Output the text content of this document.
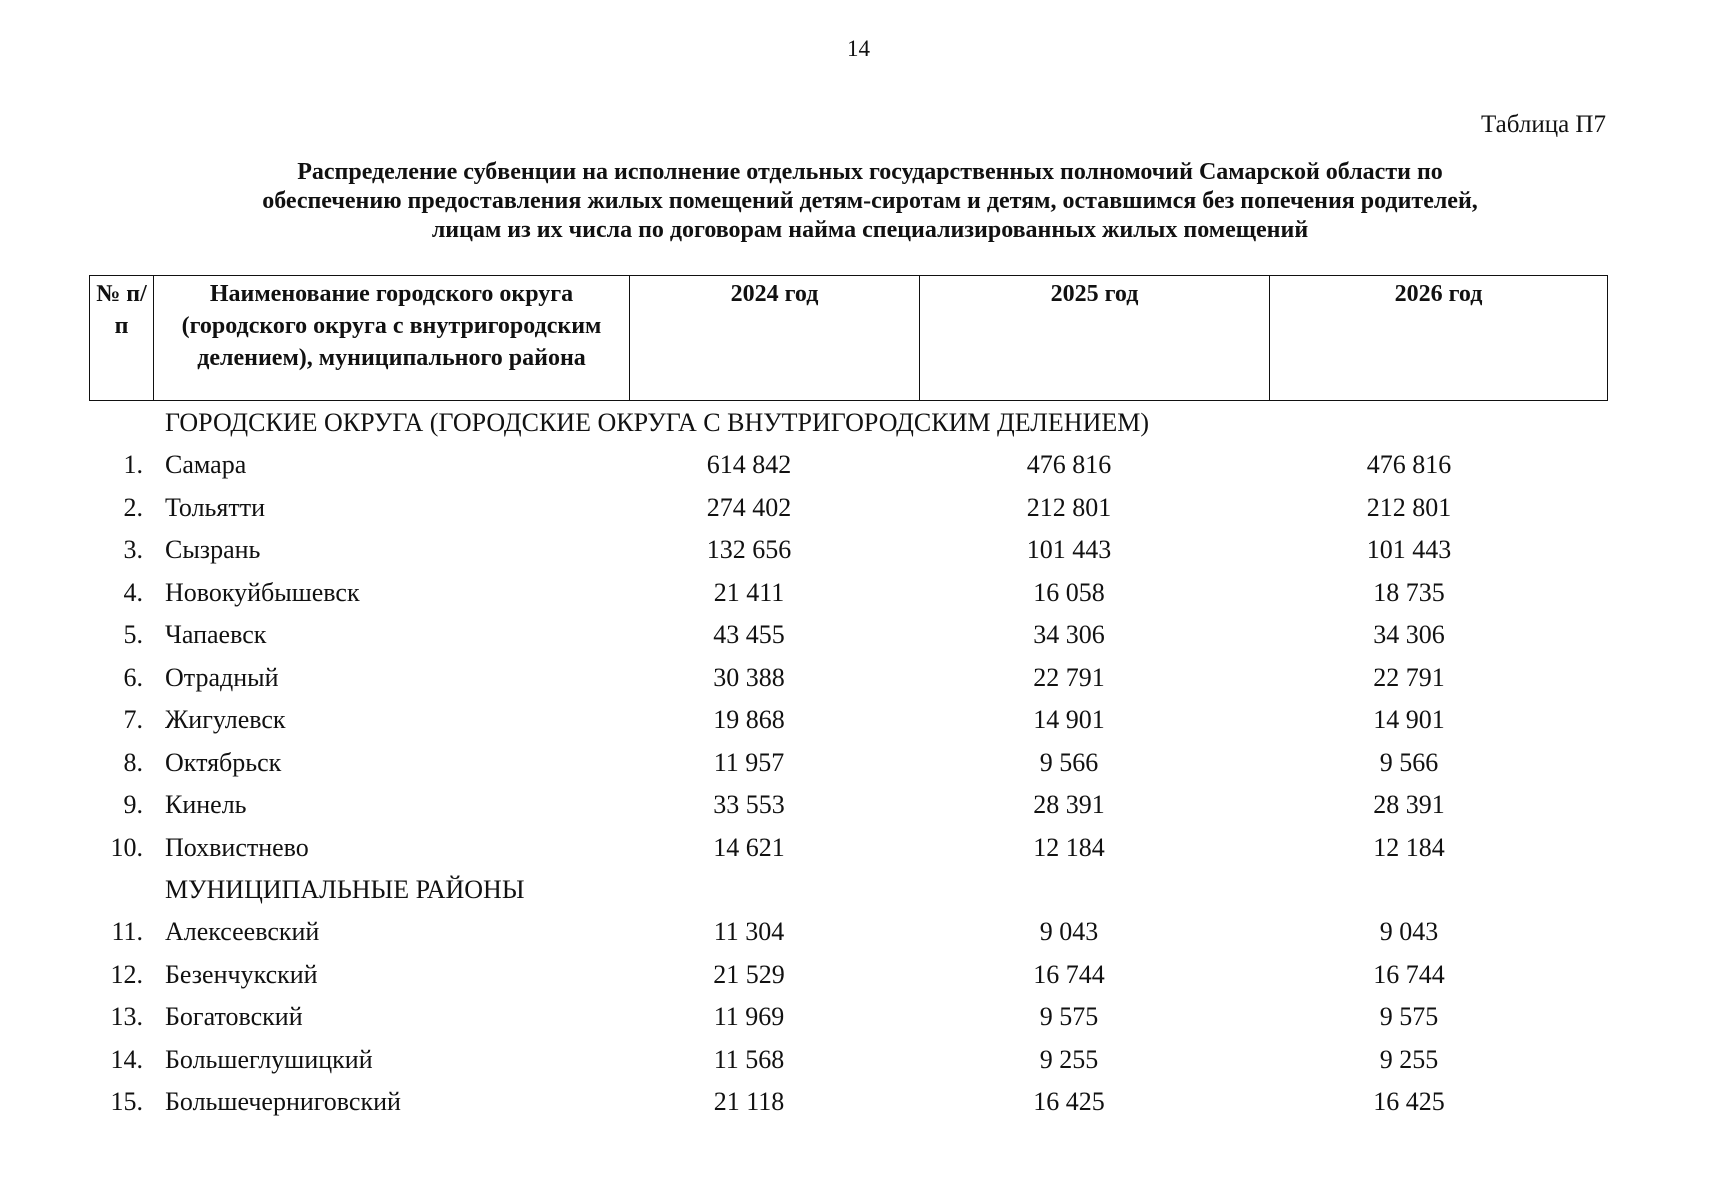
14
Таблица П7
Распределение субвенции на исполнение отдельных государственных полномочий Самарской области по
обеспечению предоставления жилых помещений детям-сиротам и детям, оставшимся без попечения родителей,
лицам из их числа по договорам найма специализированных жилых помещений
№ п/п	Наименование городского округа (городского округа с внутригородским делением), муниципального района	2024 год	2025 год	2026 год
ГОРОДСКИЕ ОКРУГА (ГОРОДСКИЕ ОКРУГА С ВНУТРИГОРОДСКИМ ДЕЛЕНИЕМ)
1. Самара	614 842	476 816	476 816
2. Тольятти	274 402	212 801	212 801
3. Сызрань	132 656	101 443	101 443
4. Новокуйбышевск	21 411	16 058	18 735
5. Чапаевск	43 455	34 306	34 306
6. Отрадный	30 388	22 791	22 791
7. Жигулевск	19 868	14 901	14 901
8. Октябрьск	11 957	9 566	9 566
9. Кинель	33 553	28 391	28 391
10. Похвистнево	14 621	12 184	12 184
МУНИЦИПАЛЬНЫЕ РАЙОНЫ
11. Алексеевский	11 304	9 043	9 043
12. Безенчукский	21 529	16 744	16 744
13. Богатовский	11 969	9 575	9 575
14. Большеглушицкий	11 568	9 255	9 255
15. Большечерниговский	21 118	16 425	16 425
